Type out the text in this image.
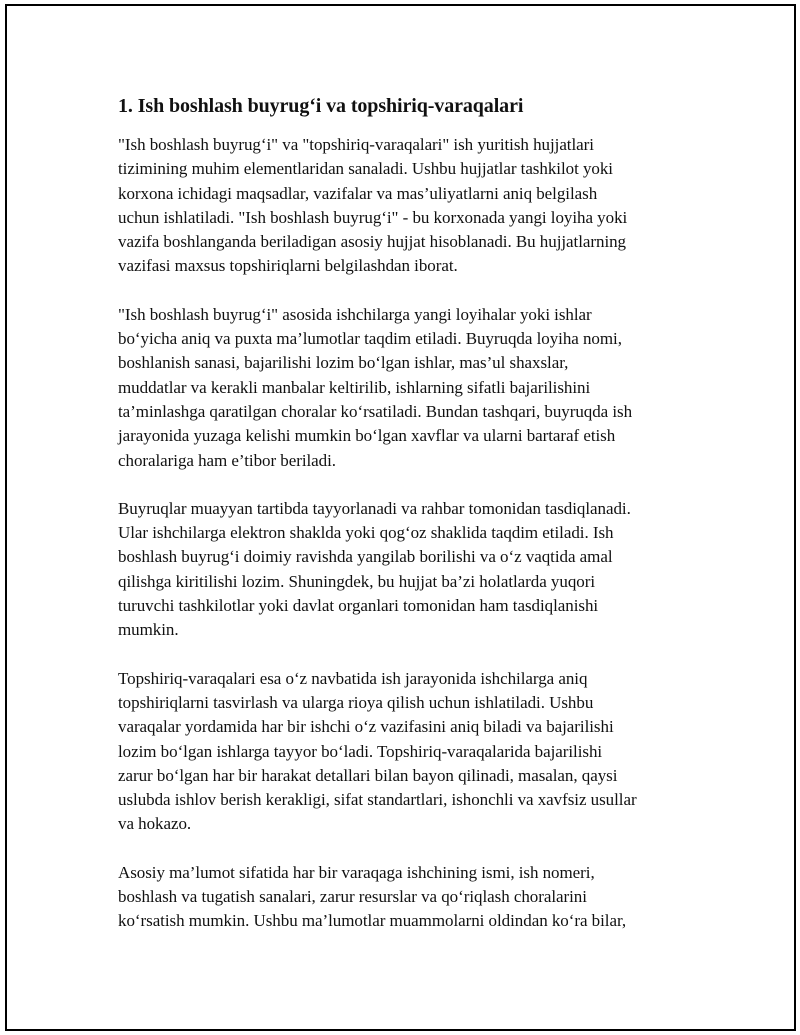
1. Ish boshlash buyrug‘i va topshiriq-varaqalari

"Ish boshlash buyrug‘i" va "topshiriq-varaqalari" ish yuritish hujjatlari
tizimining muhim elementlaridan sanaladi. Ushbu hujjatlar tashkilot yoki
korxona ichidagi maqsadlar, vazifalar va mas’uliyatlarni aniq belgilash
uchun ishlatiladi. "Ish boshlash buyrug‘i" - bu korxonada yangi loyiha yoki
vazifa boshlanganda beriladigan asosiy hujjat hisoblanadi. Bu hujjatlarning
vazifasi maxsus topshiriqlarni belgilashdan iborat.

"Ish boshlash buyrug‘i" asosida ishchilarga yangi loyihalar yoki ishlar
bo‘yicha aniq va puxta ma’lumotlar taqdim etiladi. Buyruqda loyiha nomi,
boshlanish sanasi, bajarilishi lozim bo‘lgan ishlar, mas’ul shaxslar,
muddatlar va kerakli manbalar keltirilib, ishlarning sifatli bajarilishini
ta’minlashga qaratilgan choralar ko‘rsatiladi. Bundan tashqari, buyruqda ish
jarayonida yuzaga kelishi mumkin bo‘lgan xavflar va ularni bartaraf etish
choralariga ham e’tibor beriladi.

Buyruqlar muayyan tartibda tayyorlanadi va rahbar tomonidan tasdiqlanadi.
Ular ishchilarga elektron shaklda yoki qog‘oz shaklida taqdim etiladi. Ish
boshlash buyrug‘i doimiy ravishda yangilab borilishi va o‘z vaqtida amal
qilishga kiritilishi lozim. Shuningdek, bu hujjat ba’zi holatlarda yuqori
turuvchi tashkilotlar yoki davlat organlari tomonidan ham tasdiqlanishi
mumkin.

Topshiriq-varaqalari esa o‘z navbatida ish jarayonida ishchilarga aniq
topshiriqlarni tasvirlash va ularga rioya qilish uchun ishlatiladi. Ushbu
varaqalar yordamida har bir ishchi o‘z vazifasini aniq biladi va bajarilishi
lozim bo‘lgan ishlarga tayyor bo‘ladi. Topshiriq-varaqalarida bajarilishi
zarur bo‘lgan har bir harakat detallari bilan bayon qilinadi, masalan, qaysi
uslubda ishlov berish kerakligi, sifat standartlari, ishonchli va xavfsiz usullar
va hokazo.

Asosiy ma’lumot sifatida har bir varaqaga ishchining ismi, ish nomeri,
boshlash va tugatish sanalari, zarur resurslar va qo‘riqlash choralarini
ko‘rsatish mumkin. Ushbu ma’lumotlar muammolarni oldindan ko‘ra bilar,
